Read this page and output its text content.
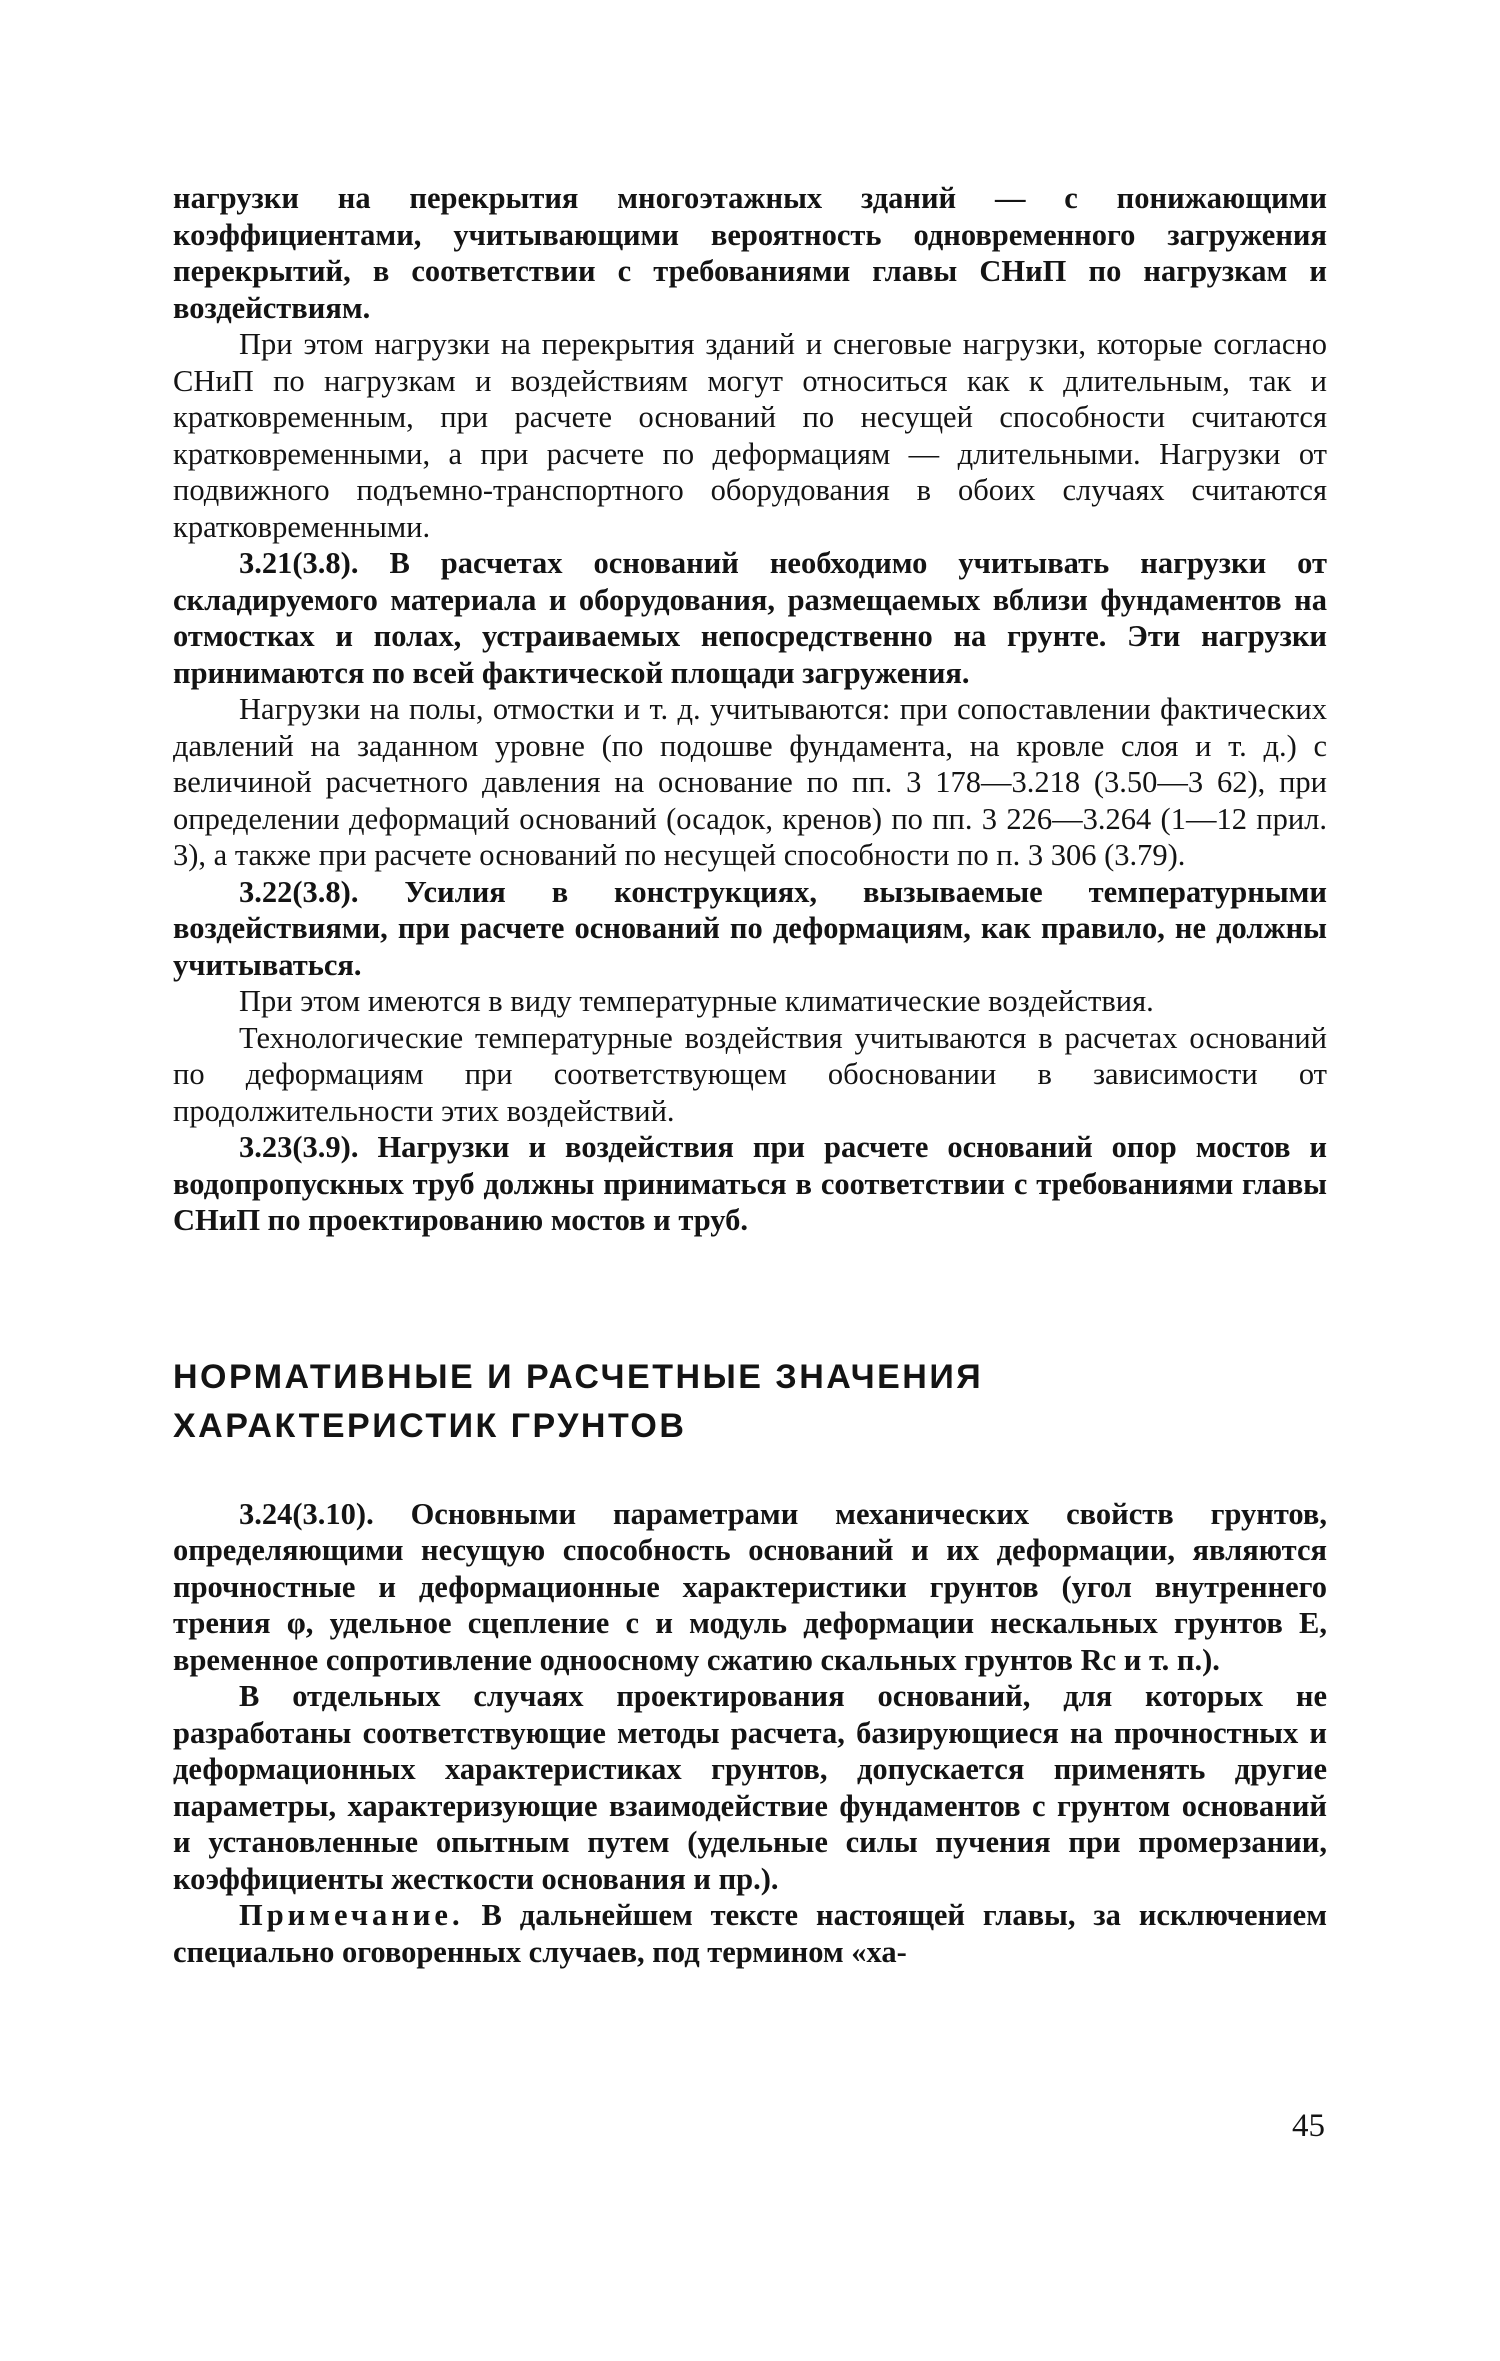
нагрузки на перекрытия многоэтажных зданий — с понижающими коэффициентами, учитывающими вероятность одновременного загружения перекрытий, в соответствии с требованиями главы СНиП по нагрузкам и воздействиям.

При этом нагрузки на перекрытия зданий и снеговые нагрузки, которые согласно СНиП по нагрузкам и воздействиям могут относиться как к длительным, так и кратковременным, при расчете оснований по несущей способности считаются кратковременными, а при расчете по деформациям — длительными. Нагрузки от подвижного подъемно-транспортного оборудования в обоих случаях считаются кратковременными.

3.21(3.8). В расчетах оснований необходимо учитывать нагрузки от складируемого материала и оборудования, размещаемых вблизи фундаментов на отмостках и полах, устраиваемых непосредственно на грунте. Эти нагрузки принимаются по всей фактической площади загружения.

Нагрузки на полы, отмостки и т. д. учитываются: при сопоставлении фактических давлений на заданном уровне (по подошве фундамента, на кровле слоя и т. д.) с величиной расчетного давления на основание по пп. 3 178—3.218 (3.50—3 62), при определении деформаций оснований (осадок, кренов) по пп. 3 226—3.264 (1—12 прил. 3), а также при расчете оснований по несущей способности по п. 3 306 (3.79).

3.22(3.8). Усилия в конструкциях, вызываемые температурными воздействиями, при расчете оснований по деформациям, как правило, не должны учитываться.

При этом имеются в виду температурные климатические воздействия.

Технологические температурные воздействия учитываются в расчетах оснований по деформациям при соответствующем обосновании в зависимости от продолжительности этих воздействий.

3.23(3.9). Нагрузки и воздействия при расчете оснований опор мостов и водопропускных труб должны приниматься в соответствии с требованиями главы СНиП по проектированию мостов и труб.

НОРМАТИВНЫЕ И РАСЧЕТНЫЕ ЗНАЧЕНИЯ
ХАРАКТЕРИСТИК ГРУНТОВ

3.24(3.10). Основными параметрами механических свойств грунтов, определяющими несущую способность оснований и их деформации, являются прочностные и деформационные характеристики грунтов (угол внутреннего трения φ, удельное сцепление c и модуль деформации нескальных грунтов E, временное сопротивление одноосному сжатию скальных грунтов Rc и т. п.).

В отдельных случаях проектирования оснований, для которых не разработаны соответствующие методы расчета, базирующиеся на прочностных и деформационных характеристиках грунтов, допускается применять другие параметры, характеризующие взаимодействие фундаментов с грунтом оснований и установленные опытным путем (удельные силы пучения при промерзании, коэффициенты жесткости основания и пр.).

Примечание. В дальнейшем тексте настоящей главы, за исключением специально оговоренных случаев, под термином «ха-

45
